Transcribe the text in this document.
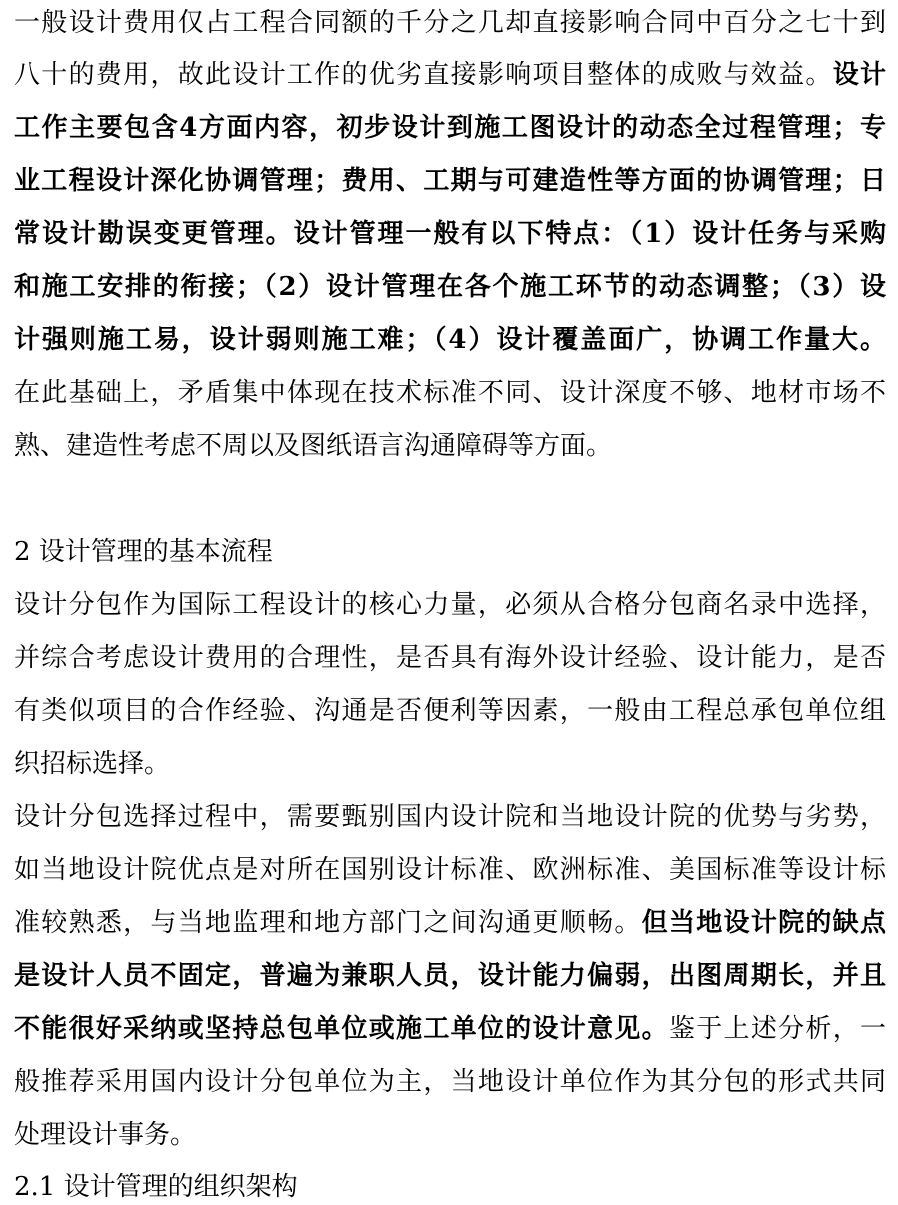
一般设计费用仅占工程合同额的千分之几却直接影响合同中百分之七十到
八十的费用，故此设计工作的优劣直接影响项目整体的成败与效益。设计
工作主要包含4方面内容，初步设计到施工图设计的动态全过程管理；专
业工程设计深化协调管理；费用、工期与可建造性等方面的协调管理；日
常设计勘误变更管理。设计管理一般有以下特点：（1）设计任务与采购
和施工安排的衔接；（2）设计管理在各个施工环节的动态调整；（3）设
计强则施工易，设计弱则施工难；（4）设计覆盖面广，协调工作量大。
在此基础上，矛盾集中体现在技术标准不同、设计深度不够、地材市场不
熟、建造性考虑不周以及图纸语言沟通障碍等方面。
2 设计管理的基本流程
设计分包作为国际工程设计的核心力量，必须从合格分包商名录中选择，
并综合考虑设计费用的合理性，是否具有海外设计经验、设计能力，是否
有类似项目的合作经验、沟通是否便利等因素，一般由工程总承包单位组
织招标选择。
设计分包选择过程中，需要甄别国内设计院和当地设计院的优势与劣势，
如当地设计院优点是对所在国别设计标准、欧洲标准、美国标准等设计标
准较熟悉，与当地监理和地方部门之间沟通更顺畅。但当地设计院的缺点
是设计人员不固定，普遍为兼职人员，设计能力偏弱，出图周期长，并且
不能很好采纳或坚持总包单位或施工单位的设计意见。鉴于上述分析，一
般推荐采用国内设计分包单位为主，当地设计单位作为其分包的形式共同
处理设计事务。
2.1 设计管理的组织架构
